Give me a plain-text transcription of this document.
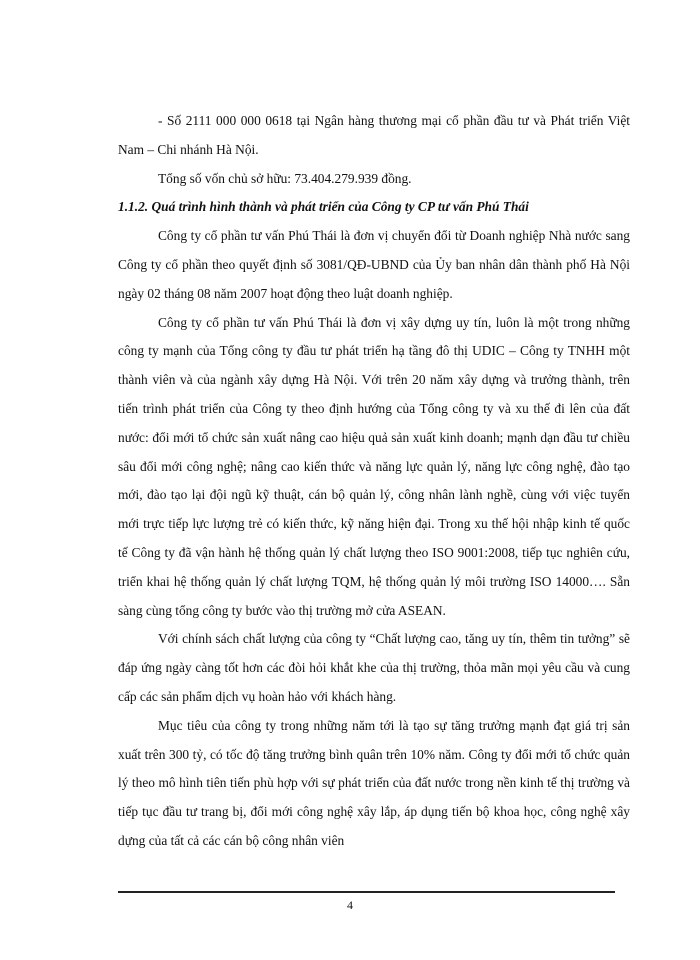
- Số 2111 000 000 0618 tại Ngân hàng thương mại cổ phần đầu tư và Phát triển Việt Nam – Chi nhánh Hà Nội.

Tổng số vốn chủ sở hữu: 73.404.279.939 đồng.

1.1.2. Quá trình hình thành và phát triển của Công ty CP tư vấn Phú Thái

Công ty cổ phần tư vấn Phú Thái là đơn vị chuyển đổi từ Doanh nghiệp Nhà nước sang Công ty cổ phần theo quyết định số 3081/QĐ-UBND của Ủy ban nhân dân thành phố Hà Nội ngày 02 tháng 08 năm 2007 hoạt động theo luật doanh nghiệp.

Công ty cổ phần tư vấn Phú Thái là đơn vị xây dựng uy tín, luôn là một trong những công ty mạnh của Tổng công ty đầu tư phát triển hạ tầng đô thị UDIC – Công ty TNHH một thành viên và của ngành xây dựng Hà Nội. Với trên 20 năm xây dựng và trưởng thành, trên tiến trình phát triển của Công ty theo định hướng của Tổng công ty và xu thế đi lên của đất nước: đổi mới tổ chức sản xuất nâng cao hiệu quả sản xuất kinh doanh; mạnh dạn đầu tư chiều sâu đổi mới công nghệ; nâng cao kiến thức và năng lực quản lý, năng lực công nghệ, đào tạo mới, đào tạo lại đội ngũ kỹ thuật, cán bộ quản lý, công nhân lành nghề, cùng với việc tuyển mới trực tiếp lực lượng trẻ có kiến thức, kỹ năng hiện đại. Trong xu thế hội nhập kinh tế quốc tế Công ty đã vận hành hệ thống quản lý chất lượng theo ISO 9001:2008, tiếp tục nghiên cứu, triển khai hệ thống quản lý chất lượng TQM, hệ thống quản lý môi trường ISO 14000…. Sẵn sàng cùng tổng công ty bước vào thị trường mở cửa ASEAN.

Với chính sách chất lượng của công ty “Chất lượng cao, tăng uy tín, thêm tin tưởng” sẽ đáp ứng ngày càng tốt hơn các đòi hỏi khắt khe của thị trường, thỏa mãn mọi yêu cầu và cung cấp các sản phẩm dịch vụ hoàn hảo với khách hàng.

Mục tiêu của công ty trong những năm tới là tạo sự tăng trưởng mạnh đạt giá trị sản xuất trên 300 tỷ, có tốc độ tăng trưởng bình quân trên 10% năm. Công ty đổi mới tổ chức quản lý theo mô hình tiên tiến phù hợp với sự phát triển của đất nước trong nền kinh tế thị trường và tiếp tục đầu tư trang bị, đổi mới công nghệ xây lắp, áp dụng tiến bộ khoa học, công nghệ xây dựng của tất cả các cán bộ công nhân viên

4
